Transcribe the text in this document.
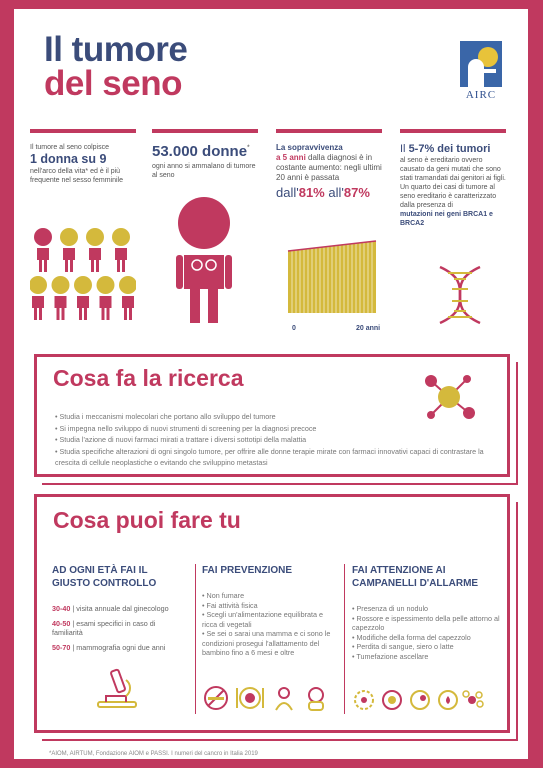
Il tumore
del seno	AIRC
Il tumore al seno colpisce
1 donna su 9
nell'arco della vita* ed è il più frequente nel sesso femminile
53.000 donne*
ogni anno si ammalano di tumore al seno
La sopravvivenza
a 5 anni dalla diagnosi è in costante aumento: negli ultimi 20 anni è passata
dall'81% all'87%
0	20 anni
Il 5-7% dei tumori
al seno è ereditario ovvero causato da geni mutati che sono stati tramandati dai genitori ai figli. Un quarto dei casi di tumore al seno ereditario è caratterizzato dalla presenza di
mutazioni nei geni BRCA1 e BRCA2
Cosa fa la ricerca
• Studia i meccanismi molecolari che portano allo sviluppo del tumore
• Si impegna nello sviluppo di nuovi strumenti di screening per la diagnosi precoce
• Studia l'azione di nuovi farmaci mirati a trattare i diversi sottotipi della malattia
• Studia specifiche alterazioni di ogni singolo tumore, per offrire alle donne terapie mirate con farmaci innovativi capaci di contrastare la crescita di cellule neoplastiche o evitando che sviluppino metastasi
Cosa puoi fare tu
AD OGNI ETÀ FAI IL GIUSTO CONTROLLO
30-40 | visita annuale dal ginecologo
40-50 | esami specifici in caso di familiarità
50-70 | mammografia ogni due anni
FAI PREVENZIONE
• Non fumare
• Fai attività fisica
• Scegli un'alimentazione equilibrata e ricca di vegetali
• Se sei o sarai una mamma e ci sono le condizioni prosegui l'allattamento del bambino fino a 6 mesi e oltre
FAI ATTENZIONE AI CAMPANELLI D'ALLARME
• Presenza di un nodulo
• Rossore e ispessimento della pelle attorno al capezzolo
• Modifiche della forma del capezzolo
• Perdita di sangue, siero o latte
• Tumefazione ascellare
*AIOM, AIRTUM, Fondazione AIOM e PASSI. I numeri del cancro in Italia 2019
